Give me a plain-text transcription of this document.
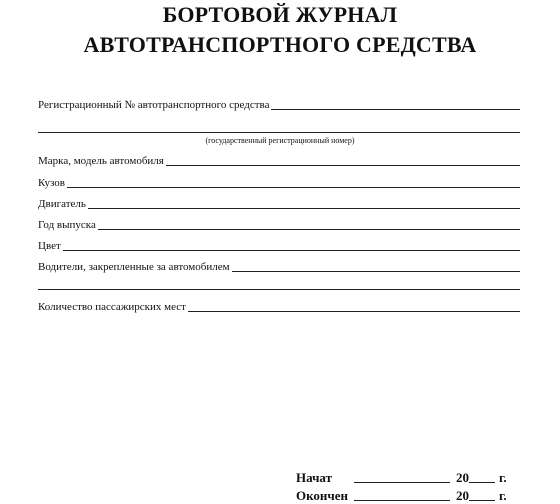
БОРТОВОЙ ЖУРНАЛ
АВТОТРАНСПОРТНОГО СРЕДСТВА
Регистрационный № автотранспортного средства
(государственный регистрационный номер)
Марка, модель автомобиля
Кузов
Двигатель
Год выпуска
Цвет
Водители, закрепленные за автомобилем
Количество пассажирских мест
Начат	20	г.
Окончен	20	г.
